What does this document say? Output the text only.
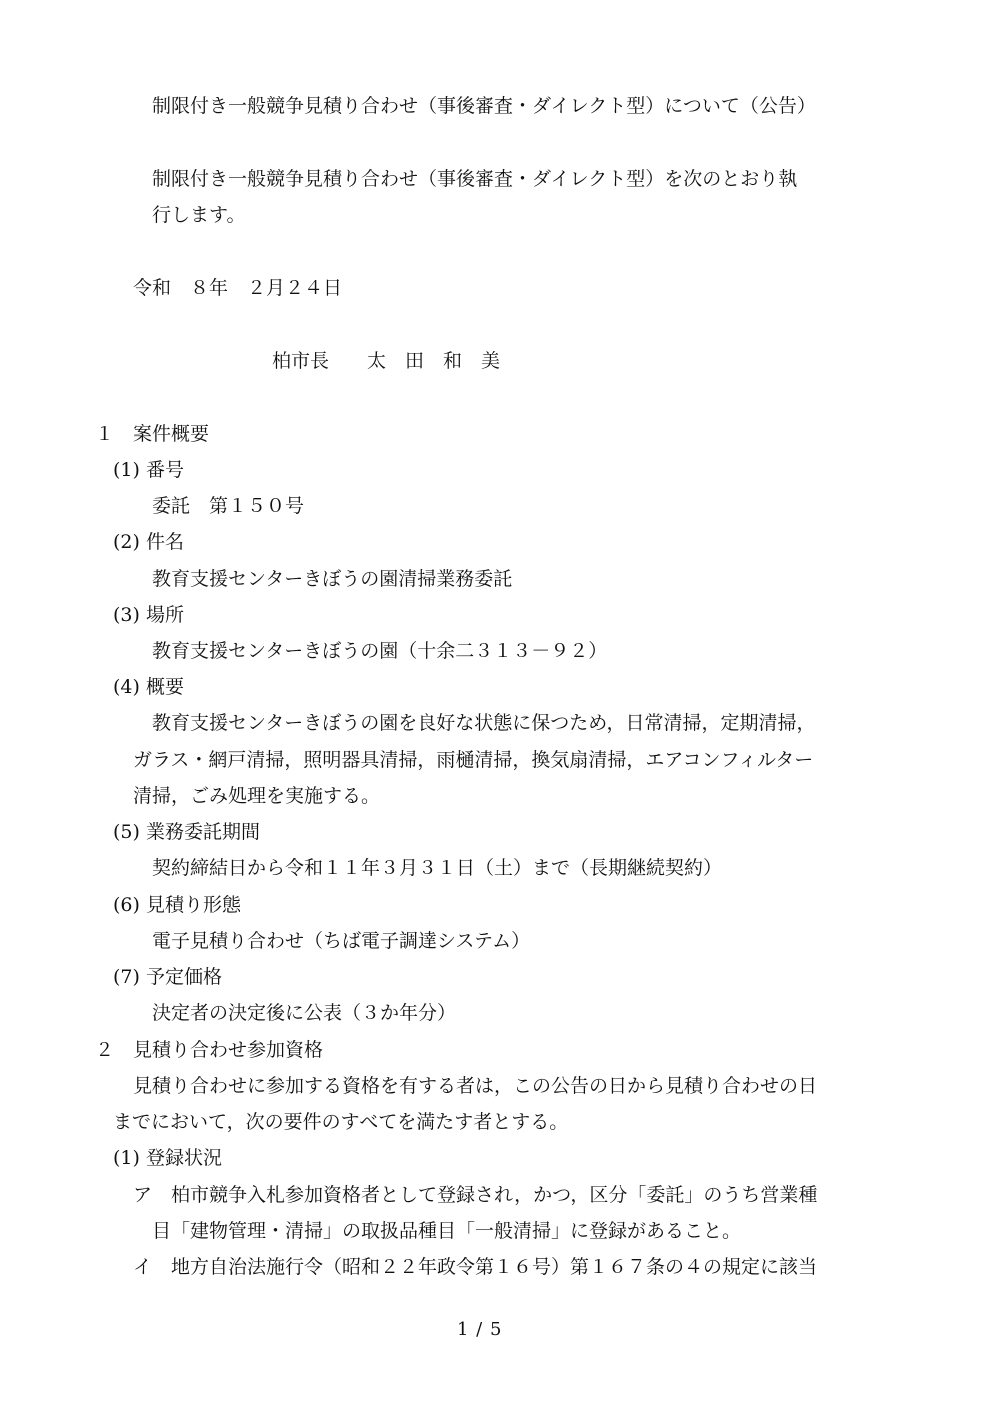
制限付き一般競争見積り合わせ（事後審査・ダイレクト型）について（公告）

制限付き一般競争見積り合わせ（事後審査・ダイレクト型）を次のとおり執

行します。

令和　８年　２月２４日

柏市長　　太　田　和　美

１　案件概要

(1) 番号

委託　第１５０号

(2) 件名

教育支援センターきぼうの園清掃業務委託

(3) 場所

教育支援センターきぼうの園（十余二３１３－９２）

(4) 概要

教育支援センターきぼうの園を良好な状態に保つため，日常清掃，定期清掃，

ガラス・網戸清掃，照明器具清掃，雨樋清掃，換気扇清掃，エアコンフィルター

清掃，ごみ処理を実施する。

(5) 業務委託期間

契約締結日から令和１１年３月３１日（土）まで（長期継続契約）

(6) 見積り形態

電子見積り合わせ（ちば電子調達システム）

(7) 予定価格

決定者の決定後に公表（３か年分）

２　見積り合わせ参加資格

見積り合わせに参加する資格を有する者は，この公告の日から見積り合わせの日

までにおいて，次の要件のすべてを満たす者とする。

(1) 登録状況

ア　柏市競争入札参加資格者として登録され，かつ，区分「委託」のうち営業種

目「建物管理・清掃」の取扱品種目「一般清掃」に登録があること。

イ　地方自治法施行令（昭和２２年政令第１６号）第１６７条の４の規定に該当

1 / 5
